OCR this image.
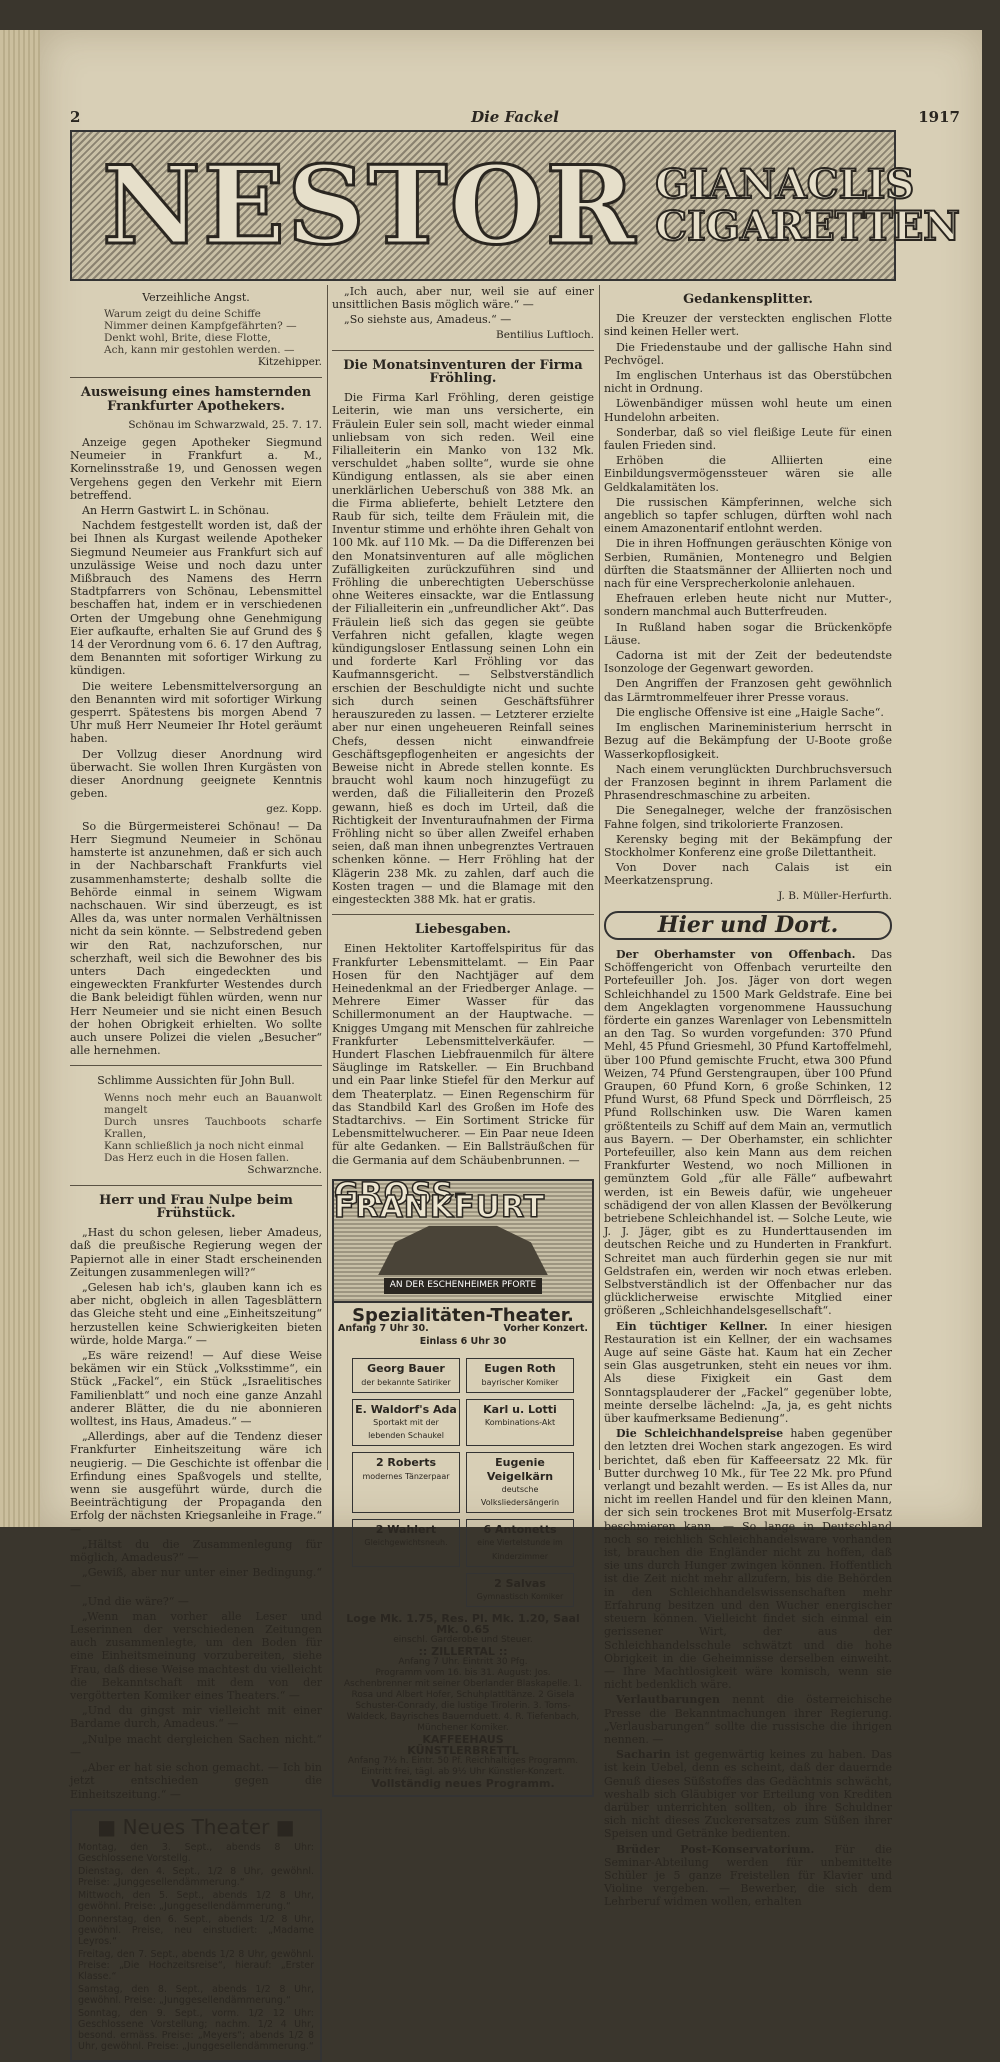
2	Die Fackel	1917
NESTOR GIANACLIS
CIGARETTEN
Verzeihliche Angst.
Warum zeigt du deine Schiffe
Nimmer deinen Kampfgefährten? —
Denkt wohl, Brite, diese Flotte,
Ach, kann mir gestohlen werden. —
Kitzehipper.
Ausweisung eines hamsternden Frankfurter Apothekers.
Schönau im Schwarzwald, 25. 7. 17.

Anzeige gegen Apotheker Siegmund Neumeier in Frankfurt a. M., Kornelinsstraße 19, und Genossen wegen Vergehens gegen den Verkehr mit Eiern betreffend.

An Herrn Gastwirt L. in Schönau.

Nachdem festgestellt worden ist, daß der bei Ihnen als Kurgast weilende Apotheker Siegmund Neumeier aus Frankfurt sich auf unzulässige Weise und noch dazu unter Mißbrauch des Namens des Herrn Stadtpfarrers von Schönau, Lebensmittel beschaffen hat, indem er in verschiedenen Orten der Umgebung ohne Genehmigung Eier aufkaufte, erhalten Sie auf Grund des § 14 der Verordnung vom 6. 6. 17 den Auftrag, dem Benannten mit sofortiger Wirkung zu kündigen.

Die weitere Lebensmittelversorgung an den Benannten wird mit sofortiger Wirkung gesperrt. Spätestens bis morgen Abend 7 Uhr muß Herr Neumeier Ihr Hotel geräumt haben.

Der Vollzug dieser Anordnung wird überwacht. Sie wollen Ihren Kurgästen von dieser Anordnung geeignete Kenntnis geben.

gez. Kopp.

So die Bürgermeisterei Schönau! — Da Herr Siegmund Neumeier in Schönau hamsterte ist anzunehmen, daß er sich auch in der Nachbarschaft Frankfurts viel zusammenhamsterte; deshalb sollte die Behörde einmal in seinem Wigwam nachschauen. Wir sind überzeugt, es ist Alles da, was unter normalen Verhältnissen nicht da sein könnte. — Selbstredend geben wir den Rat, nachzuforschen, nur scherzhaft, weil sich die Bewohner des bis unters Dach eingedeckten und eingeweckten Frankfurter Westendes durch die Bank beleidigt fühlen würden, wenn nur Herr Neumeier und sie nicht einen Besuch der hohen Obrigkeit erhielten. Wo sollte auch unsere Polizei die vielen „Besucher“ alle hernehmen.

Schlimme Aussichten für John Bull.
Wenns noch mehr euch an Bauanwolt mangelt
Durch unsres Tauchboots scharfe Krallen,
Kann schließlich ja noch nicht einmal
Das Herz euch in die Hosen fallen.
Schwarznche.
Herr und Frau Nulpe beim Frühstück.

„Hast du schon gelesen, lieber Amadeus, daß die preußische Regierung wegen der Papiernot alle in einer Stadt erscheinenden Zeitungen zusammenlegen will?“

„Gelesen hab ich's, glauben kann ich es aber nicht, obgleich in allen Tagesblättern das Gleiche steht und eine „Einheitszeitung“ herzustellen keine Schwierigkeiten bieten würde, holde Marga.“ —

„Es wäre reizend! — Auf diese Weise bekämen wir ein Stück „Volksstimme“, ein Stück „Fackel“, ein Stück „Israelitisches Familienblatt“ und noch eine ganze Anzahl anderer Blätter, die du nie abonnieren wolltest, ins Haus, Amadeus.“ —

„Allerdings, aber auf die Tendenz dieser Frankfurter Einheitszeitung wäre ich neugierig. — Die Geschichte ist offenbar die Erfindung eines Spaßvogels und stellte, wenn sie ausgeführt würde, durch die Beeinträchtigung der Propaganda den Erfolg der nächsten Kriegsanleihe in Frage.“ —

„Hältst du die Zusammenlegung für möglich, Amadeus?“ —

„Gewiß, aber nur unter einer Bedingung.“ —

„Und die wäre?“ —

„Wenn man vorher alle Leser und Leserinnen der verschiedenen Zeitungen auch zusammenlegte, um den Boden für eine Einheitsmeinung vorzubereiten, siehe Frau, daß diese Weise machtest du vielleicht die Bekanntschaft mit dem von der vergötterten Komiker eines Theaters.“ —

„Und du gingst mir vielleicht mit einer Bardame durch, Amadeus.“ —

„Nulpe macht dergleichen Sachen nicht.“ —

„Aber er hat sie schon gemacht. — Ich bin jetzt entschieden gegen die Einheitszeitung.“ —

■ Neues Theater ■

Montag, den 3. Sept., abends 8 Uhr: Geschlossene Vorstellg.

Dienstag, den 4. Sept., 1/2 8 Uhr, gewöhnl. Preise: „Junggesellendämmerung.“

Mittwoch, den 5. Sept., abends 1/2 8 Uhr, gewöhnl. Preise: „Junggesellendämmerung.“

Donnerstag, den 6. Sept., abends 1/2 8 Uhr, gewöhnl. Preise, neu einstudiert: „Madame Leyros.“

Freitag, den 7. Sept., abends 1/2 8 Uhr, gewöhnl. Preise: „Die Hochzeitsreise“, hierauf: „Erster Klasse.“

Samstag, den 8. Sept., abends 1/2 8 Uhr, gewöhnl. Preise: „Junggesellendämmerung.“

Sonntag, den 9. Sept., vorm. 1/2 12 Uhr: Geschlossene Vorstellung; nachm. 1/2 4 Uhr, besond. ermäss. Preise: „Meyers“; abends 1/2 8 Uhr, gewöhnl. Preise: „Junggesellendämmerung.“

„Ich auch, aber nur, weil sie auf einer unsittlichen Basis möglich wäre.“ —

„So siehste aus, Amadeus.“ —

Bentilius Luftloch.
Die Monatsinventuren der Firma Fröhling.

Die Firma Karl Fröhling, deren geistige Leiterin, wie man uns versicherte, ein Fräulein Euler sein soll, macht wieder einmal unliebsam von sich reden. Weil eine Filialleiterin ein Manko von 132 Mk. verschuldet „haben sollte“, wurde sie ohne Kündigung entlassen, als sie aber einen unerklärlichen Ueberschuß von 388 Mk. an die Firma ablieferte, behielt Letztere den Raub für sich, teilte dem Fräulein mit, die Inventur stimme und erhöhte ihren Gehalt von 100 Mk. auf 110 Mk. — Da die Differenzen bei den Monatsinventuren auf alle möglichen Zufälligkeiten zurückzuführen sind und Fröhling die unberechtigten Ueberschüsse ohne Weiteres einsackte, war die Entlassung der Filialleiterin ein „unfreundlicher Akt“. Das Fräulein ließ sich das gegen sie geübte Verfahren nicht gefallen, klagte wegen kündigungsloser Entlassung seinen Lohn ein und forderte Karl Fröhling vor das Kaufmannsgericht. — Selbstverständlich erschien der Beschuldigte nicht und suchte sich durch seinen Geschäftsführer herauszureden zu lassen. — Letzterer erzielte aber nur einen ungeheueren Reinfall seines Chefs, dessen nicht einwandfreie Geschäftsgepflogenheiten er angesichts der Beweise nicht in Abrede stellen konnte. Es braucht wohl kaum noch hinzugefügt zu werden, daß die Filialleiterin den Prozeß gewann, hieß es doch im Urteil, daß die Richtigkeit der Inventuraufnahmen der Firma Fröhling nicht so über allen Zweifel erhaben seien, daß man ihnen unbegrenztes Vertrauen schenken könne. — Herr Fröhling hat der Klägerin 238 Mk. zu zahlen, darf auch die Kosten tragen — und die Blamage mit den eingesteckten 388 Mk. hat er gratis.

Liebesgaben.

Einen Hektoliter Kartoffelspiritus für das Frankfurter Lebensmittelamt. — Ein Paar Hosen für den Nachtjäger auf dem Heinedenkmal an der Friedberger Anlage. — Mehrere Eimer Wasser für das Schillermonument an der Hauptwache. — Knigges Umgang mit Menschen für zahlreiche Frankfurter Lebensmittelverkäufer. — Hundert Flaschen Liebfrauenmilch für ältere Säuglinge im Ratskeller. — Ein Bruchband und ein Paar linke Stiefel für den Merkur auf dem Theaterplatz. — Einen Regenschirm für das Standbild Karl des Großen im Hofe des Stadtarchivs. — Ein Sortiment Stricke für Lebensmittelwucherer. — Ein Paar neue Ideen für alte Gedanken. — Ein Ballsträußchen für die Germania auf dem Schäubenbrunnen. —

GROSS-FRANKFURT
AN DER ESCHENHEIMER PFORTE
Spezialitäten-Theater.
Anfang 7 Uhr 30.	Vorher Konzert.
Einlass 6 Uhr 30
Georg Bauer
der bekannte Satiriker
Eugen Roth
bayrischer Komiker
E. Waldorf's Ada
Sportakt mit der lebenden Schaukel
Karl u. Lotti
Kombinations-Akt
2 Roberts
modernes Tänzerpaar
Eugenie Veigelkärn
deutsche Volksliedersängerin
2 Wahlert
Gleichgewichtsneuh.
6 Antonetts
eine Viertelstunde im Kinderzimmer
2 Salvas
Gymnastisch Komiker
Loge Mk. 1.75, Res. Pl. Mk. 1.20, Saal Mk. 0.65
einschl. Garderobe und Steuer.
:: ZILLERTAL ::
Anfang 7 Uhr. Eintritt 30 Pfg.
Programm vom 16. bis 31. August: Jos. Aschenbrenner mit seiner Oberlander Blaskapelle. 1. Rosa und Albert Hofer, Schuhplattltänze. 2 Gisela Schuster-Conrady, die lustige Tirolerin. 3. Toms-Waldeck, Bayrisches Bauernduett. 4. R. Tiefenbach, Münchener Komiker.
KAFFEEHAUS
KÜNSTLERBRETTL
Anfang 7½ h. Eintr. 50 Pf. Reichhaltiges Programm.
Eintritt frei, tägl. ab 9½ Uhr Künstler-Konzert.
Vollständig neues Programm.
Gedankensplitter.

Die Kreuzer der versteckten englischen Flotte sind keinen Heller wert.

Die Friedenstaube und der gallische Hahn sind Pechvögel.

Im englischen Unterhaus ist das Oberstübchen nicht in Ordnung.

Löwenbändiger müssen wohl heute um einen Hundelohn arbeiten.

Sonderbar, daß so viel fleißige Leute für einen faulen Frieden sind.

Erhöben die Alliierten eine Einbildungsvermögenssteuer wären sie alle Geldkalamitäten los.

Die russischen Kämpferinnen, welche sich angeblich so tapfer schlugen, dürften wohl nach einem Amazonentarif entlohnt werden.

Die in ihren Hoffnungen geräuschten Könige von Serbien, Rumänien, Montenegro und Belgien dürften die Staatsmänner der Alliierten noch und nach für eine Versprecherkolonie anlehauen.

Ehefrauen erleben heute nicht nur Mutter-, sondern manchmal auch Butterfreuden.

In Rußland haben sogar die Brückenköpfe Läuse.

Cadorna ist mit der Zeit der bedeutendste Isonzologe der Gegenwart geworden.

Den Angriffen der Franzosen geht gewöhnlich das Lärmtrommelfeuer ihrer Presse voraus.

Die englische Offensive ist eine „Haigle Sache“.

Im englischen Marineministerium herrscht in Bezug auf die Bekämpfung der U-Boote große Wasserkopflosigkeit.

Nach einem verunglückten Durchbruchsversuch der Franzosen beginnt in ihrem Parlament die Phrasendreschmaschine zu arbeiten.

Die Senegalneger, welche der französischen Fahne folgen, sind trikolorierte Franzosen.

Kerensky beging mit der Bekämpfung der Stockholmer Konferenz eine große Dilettantheit.

Von Dover nach Calais ist ein Meerkatzensprung.

J. B. Müller-Herfurth.
Hier und Dort.

Der Oberhamster von Offenbach. Das Schöffengericht von Offenbach verurteilte den Portefeuiller Joh. Jos. Jäger von dort wegen Schleichhandel zu 1500 Mark Geldstrafe. Eine bei dem Angeklagten vorgenommene Haussuchung förderte ein ganzes Warenlager von Lebensmitteln an den Tag. So wurden vorgefunden: 370 Pfund Mehl, 45 Pfund Griesmehl, 30 Pfund Kartoffelmehl, über 100 Pfund gemischte Frucht, etwa 300 Pfund Weizen, 74 Pfund Gerstengraupen, über 100 Pfund Graupen, 60 Pfund Korn, 6 große Schinken, 12 Pfund Wurst, 68 Pfund Speck und Dörrfleisch, 25 Pfund Rollschinken usw. Die Waren kamen größtenteils zu Schiff auf dem Main an, vermutlich aus Bayern. — Der Oberhamster, ein schlichter Portefeuiller, also kein Mann aus dem reichen Frankfurter Westend, wo noch Millionen in gemünztem Gold „für alle Fälle“ aufbewahrt werden, ist ein Beweis dafür, wie ungeheuer schädigend der von allen Klassen der Bevölkerung betriebene Schleichhandel ist. — Solche Leute, wie J. J. Jäger, gibt es zu Hunderttausenden im deutschen Reiche und zu Hunderten in Frankfurt. Schreitet man auch fürderhin gegen sie nur mit Geldstrafen ein, werden wir noch etwas erleben. Selbstverständlich ist der Offenbacher nur das glücklicherweise erwischte Mitglied einer größeren „Schleichhandelsgesellschaft“.

Ein tüchtiger Kellner. In einer hiesigen Restauration ist ein Kellner, der ein wachsames Auge auf seine Gäste hat. Kaum hat ein Zecher sein Glas ausgetrunken, steht ein neues vor ihm. Als diese Fixigkeit ein Gast dem Sonntagsplauderer der „Fackel“ gegenüber lobte, meinte derselbe lächelnd: „Ja, ja, es geht nichts über kaufmerksame Bedienung“.

Die Schleichhandelspreise haben gegenüber den letzten drei Wochen stark angezogen. Es wird berichtet, daß eben für Kaffeeersatz 22 Mk. für Butter durchweg 10 Mk., für Tee 22 Mk. pro Pfund verlangt und bezahlt werden. — Es ist Alles da, nur nicht im reellen Handel und für den kleinen Mann, der sich sein trockenes Brot mit Muserfolg-Ersatz beschmieren kann. — So lange in Deutschland noch so reichlich Schleichhandelsware vorhanden ist, brauchen die Engländer nicht zu hoffen, daß sie uns durch Hunger zwingen können. Hoffentlich ist die Zeit nicht mehr allzufern, bis die Behörden in den Schleichhandelswissenschaften mehr Erfahrung besitzen und den Wucher energischer steuern können. Vielleicht findet sich einmal ein gerissener Wirt, der aus der Schleichhandelsschule schwätzt und die hohe Obrigkeit in die Geheimnisse derselben einweiht. — Ihre Machtlosigkeit wäre komisch, wenn sie nicht bedenklich wäre.

Verlautbarungen nennt die österreichische Presse die Bekanntmachungen ihrer Regierung. „Verlausbarungen“ sollte die russische die ihrigen nennen. —

Sacharin ist gegenwärtig keines zu haben. Das ist kein Uebel, denn es scheint, daß der dauernde Genuß dieses Süßstoffes das Gedächtnis schwächt, weshalb sich Gläubiger vor Erteilung von Krediten darüber unterrichten sollten, ob ihre Schuldner sich nicht dieses Zuckerersatzes zum Süßen ihrer Speisen und Getränke bedienten.

Brüder Post-Konservatorium. Für die Seminar-Abteilung werden für unbemittelte Schüler je 5 ganze Freistellen für Klavier und Violine vergeben. — Bewerber, die sich dem Lehrberuf widmen wollen, erhalten
